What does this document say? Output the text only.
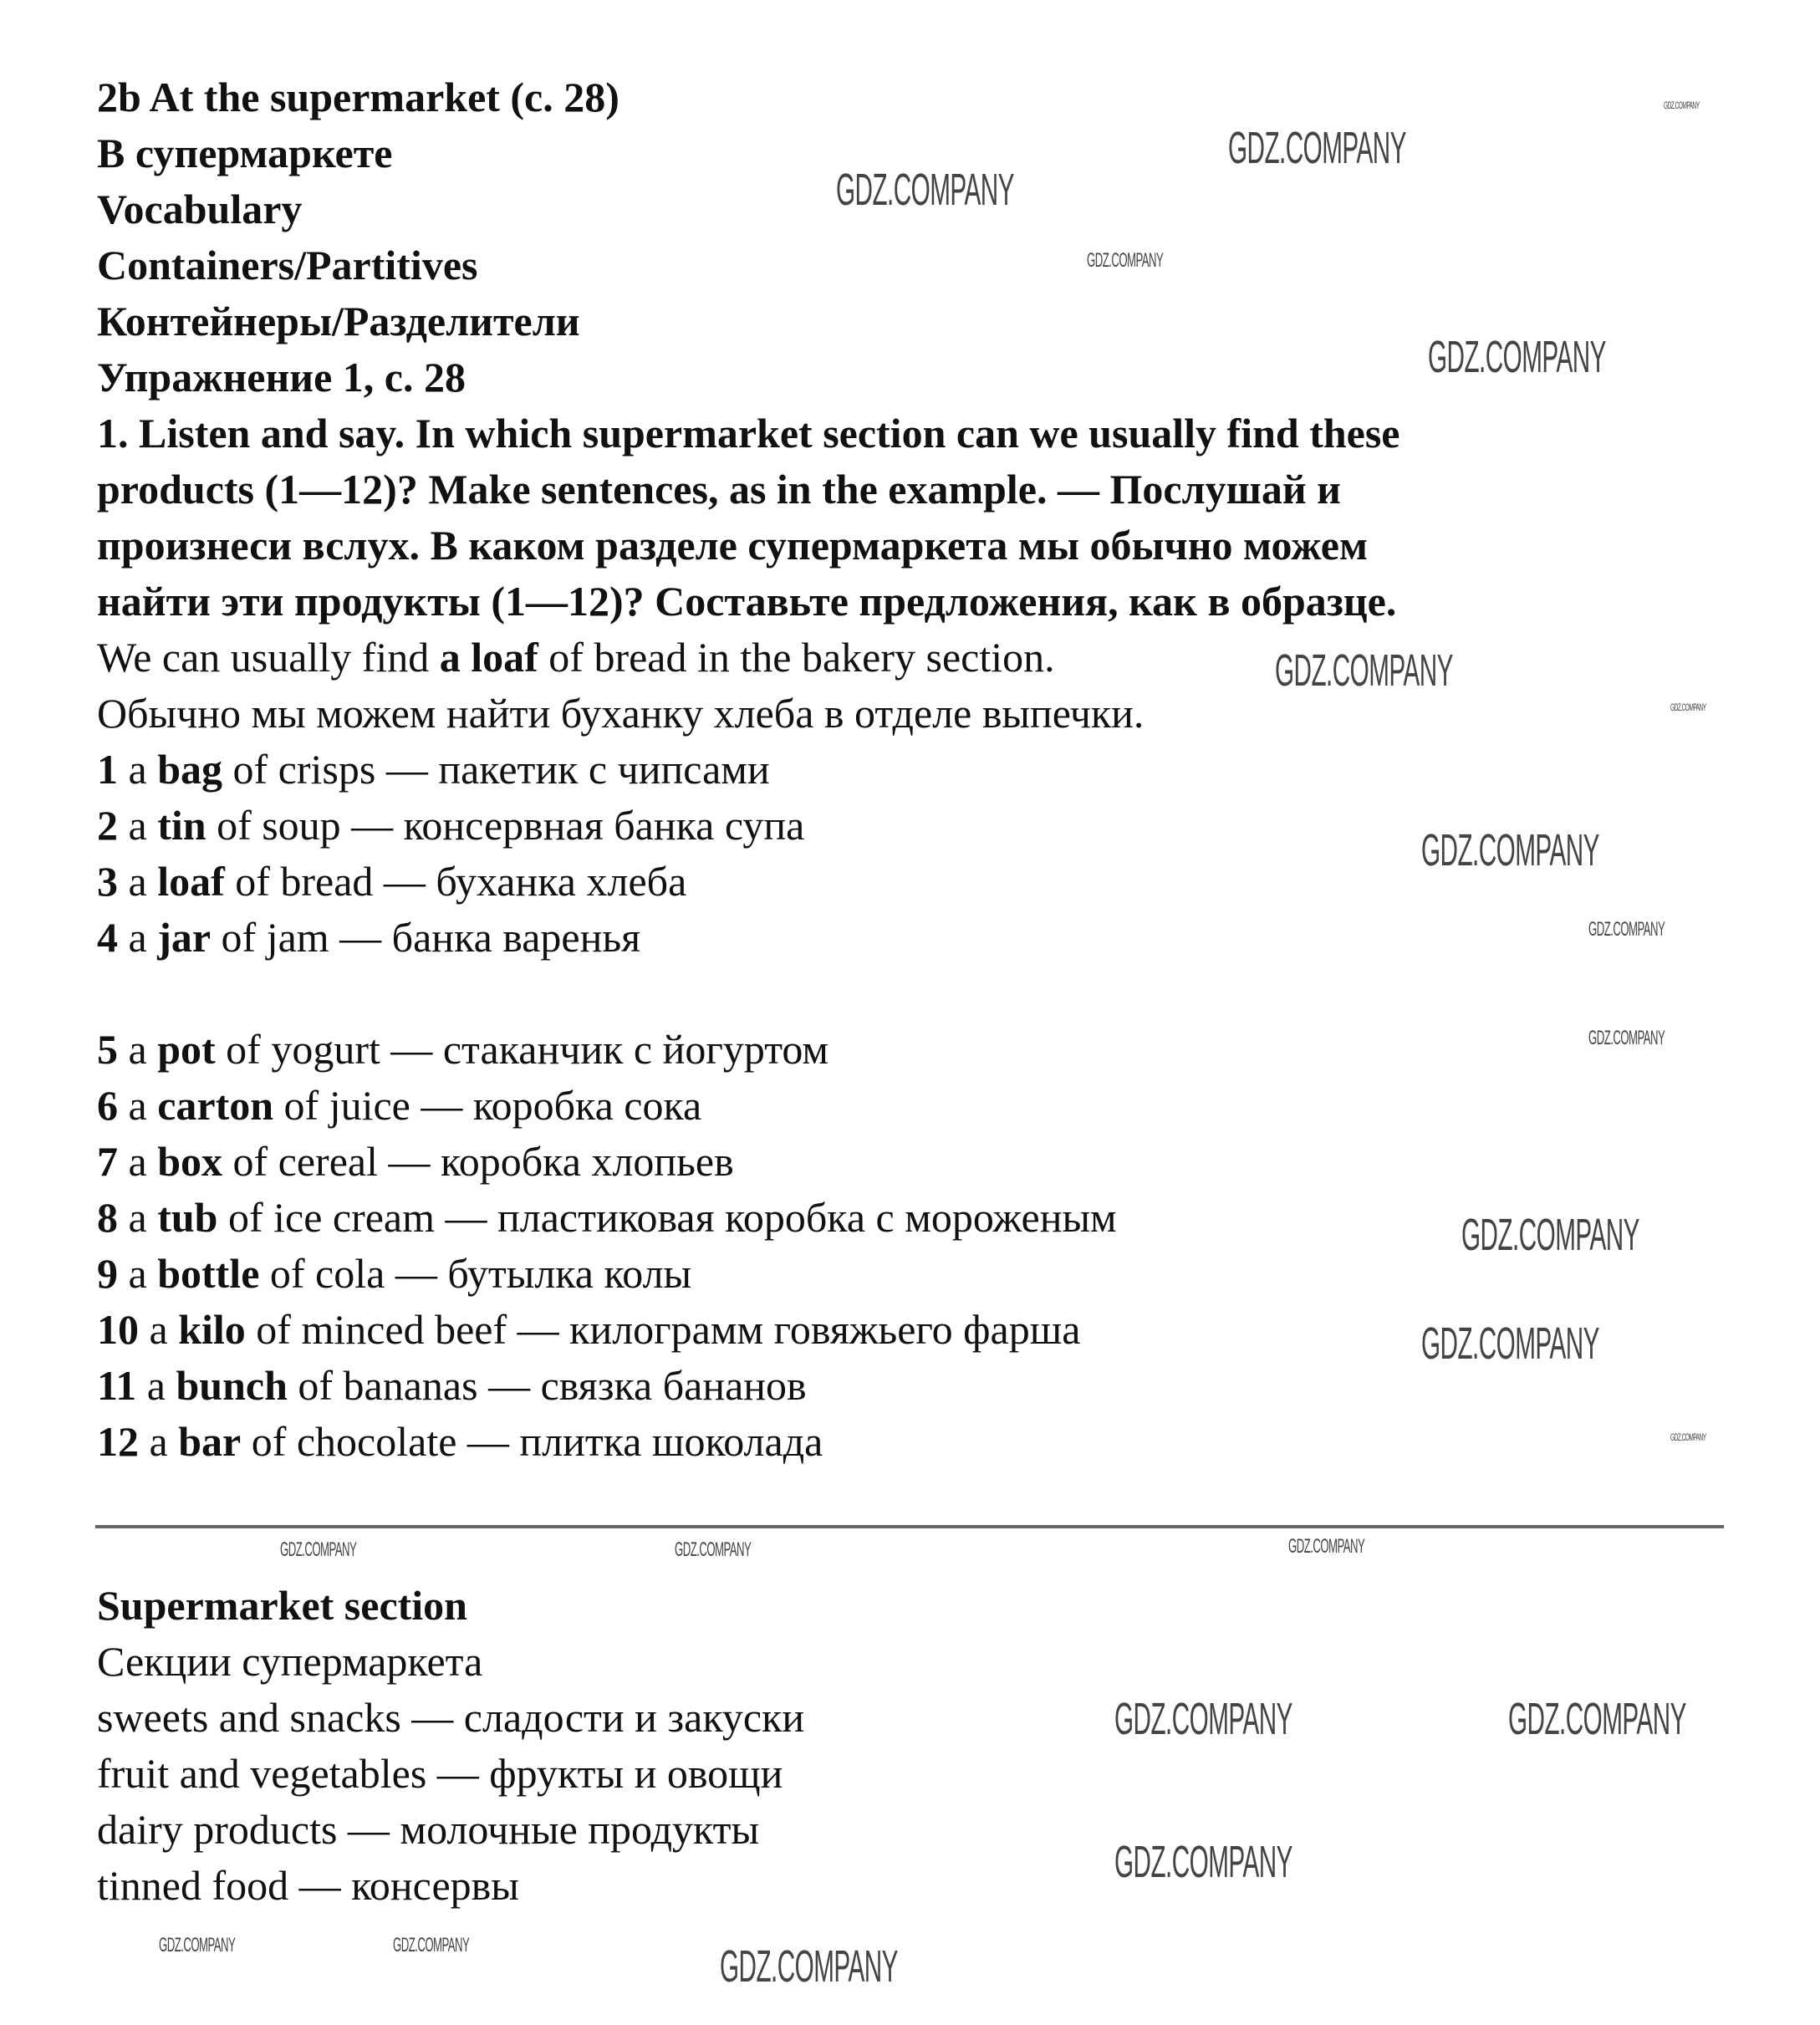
2b At the supermarket (с. 28)
В супермаркете
Vocabulary
Containers/Partitives
Контейнеры/Разделители
Упражнение 1, с. 28
1. Listen and say. In which supermarket section can we usually find these
products (1—12)? Make sentences, as in the example. — Послушай и
произнеси вслух. В каком разделе супермаркета мы обычно можем
найти эти продукты (1—12)? Составьте предложения, как в образце.
We can usually find a loaf of bread in the bakery section.
Обычно мы можем найти буханку хлеба в отделе выпечки.
1 a bag of crisps — пакетик с чипсами
2 a tin of soup — консервная банка супа
3 a loaf of bread — буханка хлеба
4 a jar of jam — банка варенья
5 a pot of yogurt — стаканчик с йогуртом
6 a carton of juice — коробка сока
7 a box of cereal — коробка хлопьев
8 a tub of ice cream — пластиковая коробка с мороженым
9 a bottle of cola — бутылка колы
10 a kilo of minced beef — килограмм говяжьего фарша
11 a bunch of bananas — связка бананов
12 a bar of chocolate — плитка шоколада
Supermarket section
Секции супермаркета
sweets and snacks — сладости и закуски
fruit and vegetables — фрукты и овощи
dairy products — молочные продукты
tinned food — консервы
GDZ.COMPANY
GDZ.COMPANY
GDZ.COMPANY
GDZ.COMPANY
GDZ.COMPANY
GDZ.COMPANY
GDZ.COMPANY
GDZ.COMPANY
GDZ.COMPANY
GDZ.COMPANY
GDZ.COMPANY
GDZ.COMPANY
GDZ.COMPANY
GDZ.COMPANY	GDZ.COMPANY	GDZ.COMPANY
GDZ.COMPANY	GDZ.COMPANY
GDZ.COMPANY
GDZ.COMPANY
GDZ.COMPANY	GDZ.COMPANY
